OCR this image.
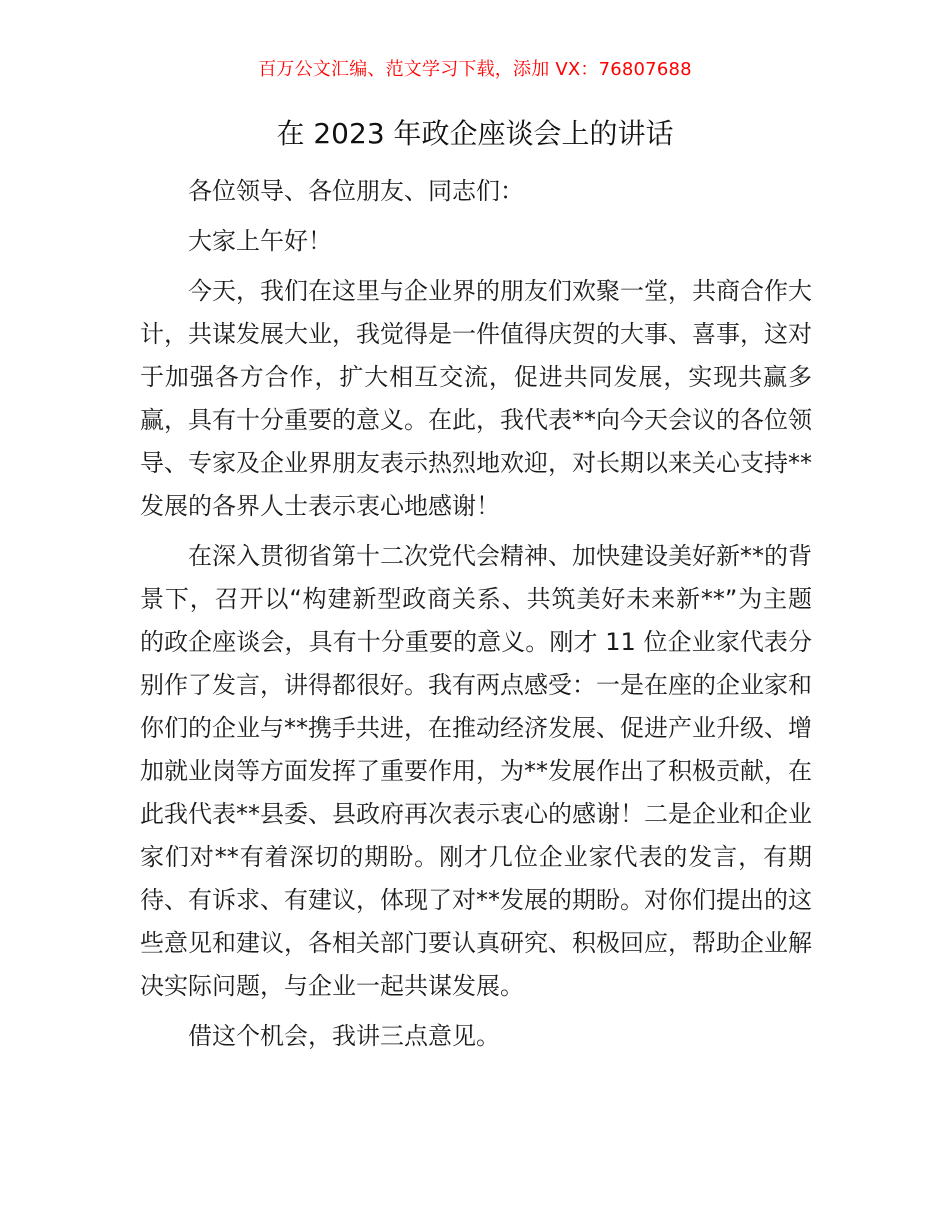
百万公文汇编、范文学习下载，添加 VX：76807688
在 2023 年政企座谈会上的讲话

各位领导、各位朋友、同志们：

大家上午好！

今天，我们在这里与企业界的朋友们欢聚一堂，共商合作大计，共谋发展大业，我觉得是一件值得庆贺的大事、喜事，这对于加强各方合作，扩大相互交流，促进共同发展，实现共赢多赢，具有十分重要的意义。在此，我代表**向今天会议的各位领导、专家及企业界朋友表示热烈地欢迎，对长期以来关心支持**发展的各界人士表示衷心地感谢！

在深入贯彻省第十二次党代会精神、加快建设美好新**的背景下，召开以“构建新型政商关系、共筑美好未来新**”为主题的政企座谈会，具有十分重要的意义。刚才 11 位企业家代表分别作了发言，讲得都很好。我有两点感受：一是在座的企业家和你们的企业与**携手共进，在推动经济发展、促进产业升级、增加就业岗等方面发挥了重要作用，为**发展作出了积极贡献，在此我代表**县委、县政府再次表示衷心的感谢！二是企业和企业家们对**有着深切的期盼。刚才几位企业家代表的发言，有期待、有诉求、有建议，体现了对**发展的期盼。对你们提出的这些意见和建议，各相关部门要认真研究、积极回应，帮助企业解决实际问题，与企业一起共谋发展。

借这个机会，我讲三点意见。
